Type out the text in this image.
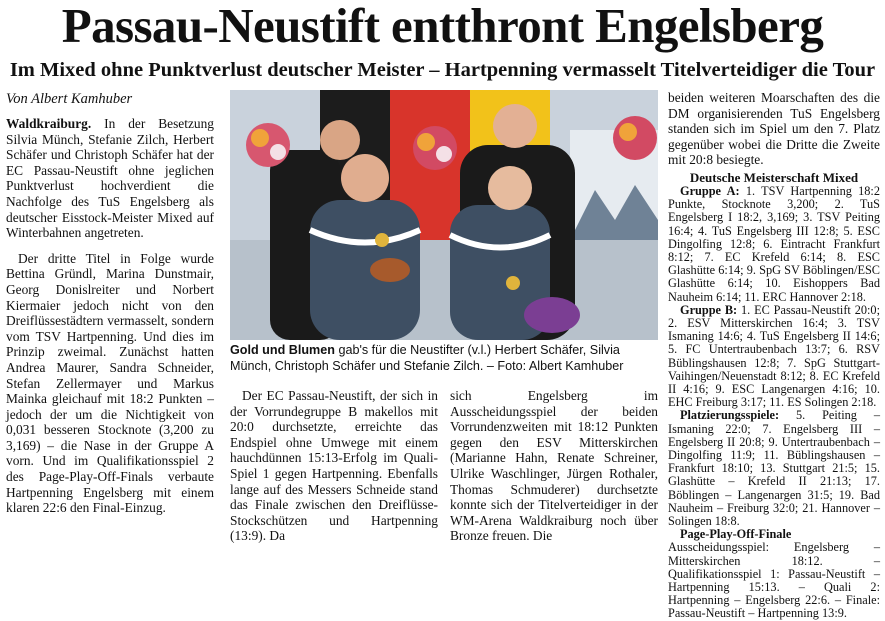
Passau-Neustift entthront Engelsberg
Im Mixed ohne Punktverlust deutscher Meister – Hartpenning vermasselt Titelverteidiger die Tour
Von Albert Kamhuber

Waldkraiburg. In der Besetzung Silvia Münch, Stefanie Zilch, Herbert Schäfer und Christoph Schäfer hat der EC Passau-Neustift ohne jeglichen Punktverlust hochverdient die Nachfolge des TuS Engelsberg als deutscher Eisstock-Meister Mixed auf Winterbahnen angetreten.

Der dritte Titel in Folge wurde Bettina Gründl, Marina Dunstmair, Georg Donislreiter und Norbert Kiermaier jedoch nicht von den Dreiflüssestädtern vermasselt, sondern vom TSV Hartpenning. Und dies im Prinzip zweimal. Zunächst hatten Andrea Maurer, Sandra Schneider, Stefan Zellermayer und Markus Mainka gleichauf mit 18:2 Punkten – jedoch der um die Nichtigkeit von 0,031 besseren Stocknote (3,200 zu 3,169) – die Nase in der Gruppe A vorn. Und im Qualifikationsspiel 2 des Page-Play-Off-Finals verbaute Hartpenning Engelsberg mit einem klaren 22:6 den Final-Einzug.

Gold und Blumen gab's für die Neustifter (v.l.) Herbert Schäfer, Silvia Münch, Christoph Schäfer und Stefanie Zilch. – Foto: Albert Kamhuber

Der EC Passau-Neustift, der sich in der Vorrundegruppe B makellos mit 20:0 durchsetzte, erreichte das Endspiel ohne Umwege mit einem hauchdünnen 15:13-Erfolg im Quali-Spiel 1 gegen Hartpenning. Ebenfalls lange auf des Messers Schneide stand das Finale zwischen den Dreiflüsse-Stockschützen und Hartpenning (13:9). Da

sich Engelsberg im Ausscheidungsspiel der beiden Vorrundenzweiten mit 18:12 Punkten gegen den ESV Mitterskirchen (Marianne Hahn, Renate Schreiner, Ulrike Waschlinger, Jürgen Rothaler, Thomas Schmuderer) durchsetzte konnte sich der Titelverteidiger in der WM-Arena Waldkraiburg noch über Bronze freuen. Die

beiden weiteren Moarschaften des die DM organisierenden TuS Engelsberg standen sich im Spiel um den 7. Platz gegenüber wobei die Dritte die Zweite mit 20:8 besiegte.

Deutsche Meisterschaft Mixed

Gruppe A: 1. TSV Hartpenning 18:2 Punkte, Stocknote 3,200; 2. TuS Engelsberg I 18:2, 3,169; 3. TSV Peiting 16:4; 4. TuS Engelsberg III 12:8; 5. ESC Dingolfing 12:8; 6. Eintracht Frankfurt 8:12; 7. EC Krefeld 6:14; 8. ESC Glashütte 6:14; 9. SpG SV Böblingen/ESC Glashütte 6:14; 10. Eishoppers Bad Nauheim 6:14; 11. ERC Hannover 2:18.

Gruppe B: 1. EC Passau-Neustift 20:0; 2. ESV Mitterskirchen 16:4; 3. TSV Ismaning 14:6; 4. TuS Engelsberg II 14:6; 5. FC Untertraubenbach 13:7; 6. RSV Büblingshausen 12:8; 7. SpG Stuttgart-Vaihingen/Neuenstadt 8:12; 8. EC Krefeld II 4:16; 9. ESC Langenargen 4:16; 10. EHC Freiburg 3:17; 11. ES Solingen 2:18.

Platzierungsspiele: 5. Peiting – Ismaning 22:0; 7. Engelsberg III – Engelsberg II 20:8; 9. Untertraubenbach – Dingolfing 11:9; 11. Büblingshausen – Frankfurt 18:10; 13. Stuttgart 21:5; 15. Glashütte – Krefeld II 21:13; 17. Böblingen – Langenargen 31:5; 19. Bad Nauheim – Freiburg 32:0; 21. Hannover – Solingen 18:8.

Page-Play-Off-Finale Ausscheidungsspiel: Engelsberg – Mitterskirchen 18:12. – Qualifikationsspiel 1: Passau-Neustift – Hartpenning 15:13. – Quali 2: Hartpenning – Engelsberg 22:6. – Finale: Passau-Neustift – Hartpenning 13:9.
